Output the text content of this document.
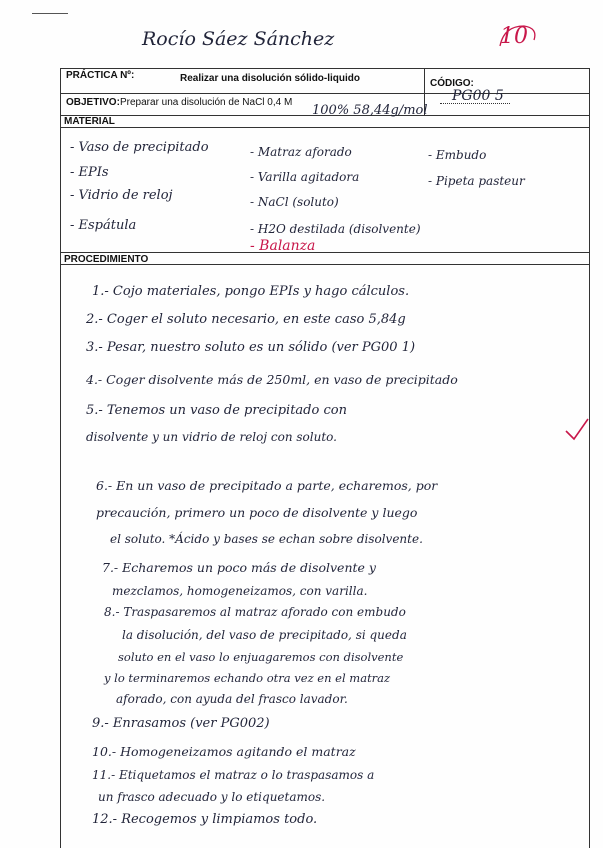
Rocío Sáez Sánchez	10
PRÁCTICA Nº:	Realizar una disolución sólido-liquido	CÓDIGO:
PG00 5
OBJETIVO: Preparar una disolución de NaCl 0,4 M
100% 58,44g/mol
MATERIAL
- Vaso de precipitado	- Matraz aforado	- Embudo
- EPIs	- Varilla agitadora	- Pipeta pasteur
- Vidrio de reloj	- NaCl (soluto)
- Espátula	- H2O destilada (disolvente)
- Balanza
PROCEDIMIENTO
1.- Cojo materiales, pongo EPIs y hago cálculos.
2.- Coger el soluto necesario, en este caso 5,84g
3.- Pesar, nuestro soluto es un sólido (ver PG00 1)
4.- Coger disolvente más de 250ml, en vaso de precipitado
5.- Tenemos un vaso de precipitado con
disolvente y un vidrio de reloj con soluto.
6.- En un vaso de precipitado a parte, echaremos, por
precaución, primero un poco de disolvente y luego
el soluto. *Ácido y bases se echan sobre disolvente.
7.- Echaremos un poco más de disolvente y
mezclamos, homogeneizamos, con varilla.
8.- Traspasaremos al matraz aforado con embudo
la disolución, del vaso de precipitado, si queda
soluto en el vaso lo enjuagaremos con disolvente
y lo terminaremos echando otra vez en el matraz
aforado, con ayuda del frasco lavador.
9.- Enrasamos (ver PG002)
10.- Homogeneizamos agitando el matraz
11.- Etiquetamos el matraz o lo traspasamos a
un frasco adecuado y lo etiquetamos.
12.- Recogemos y limpiamos todo.
